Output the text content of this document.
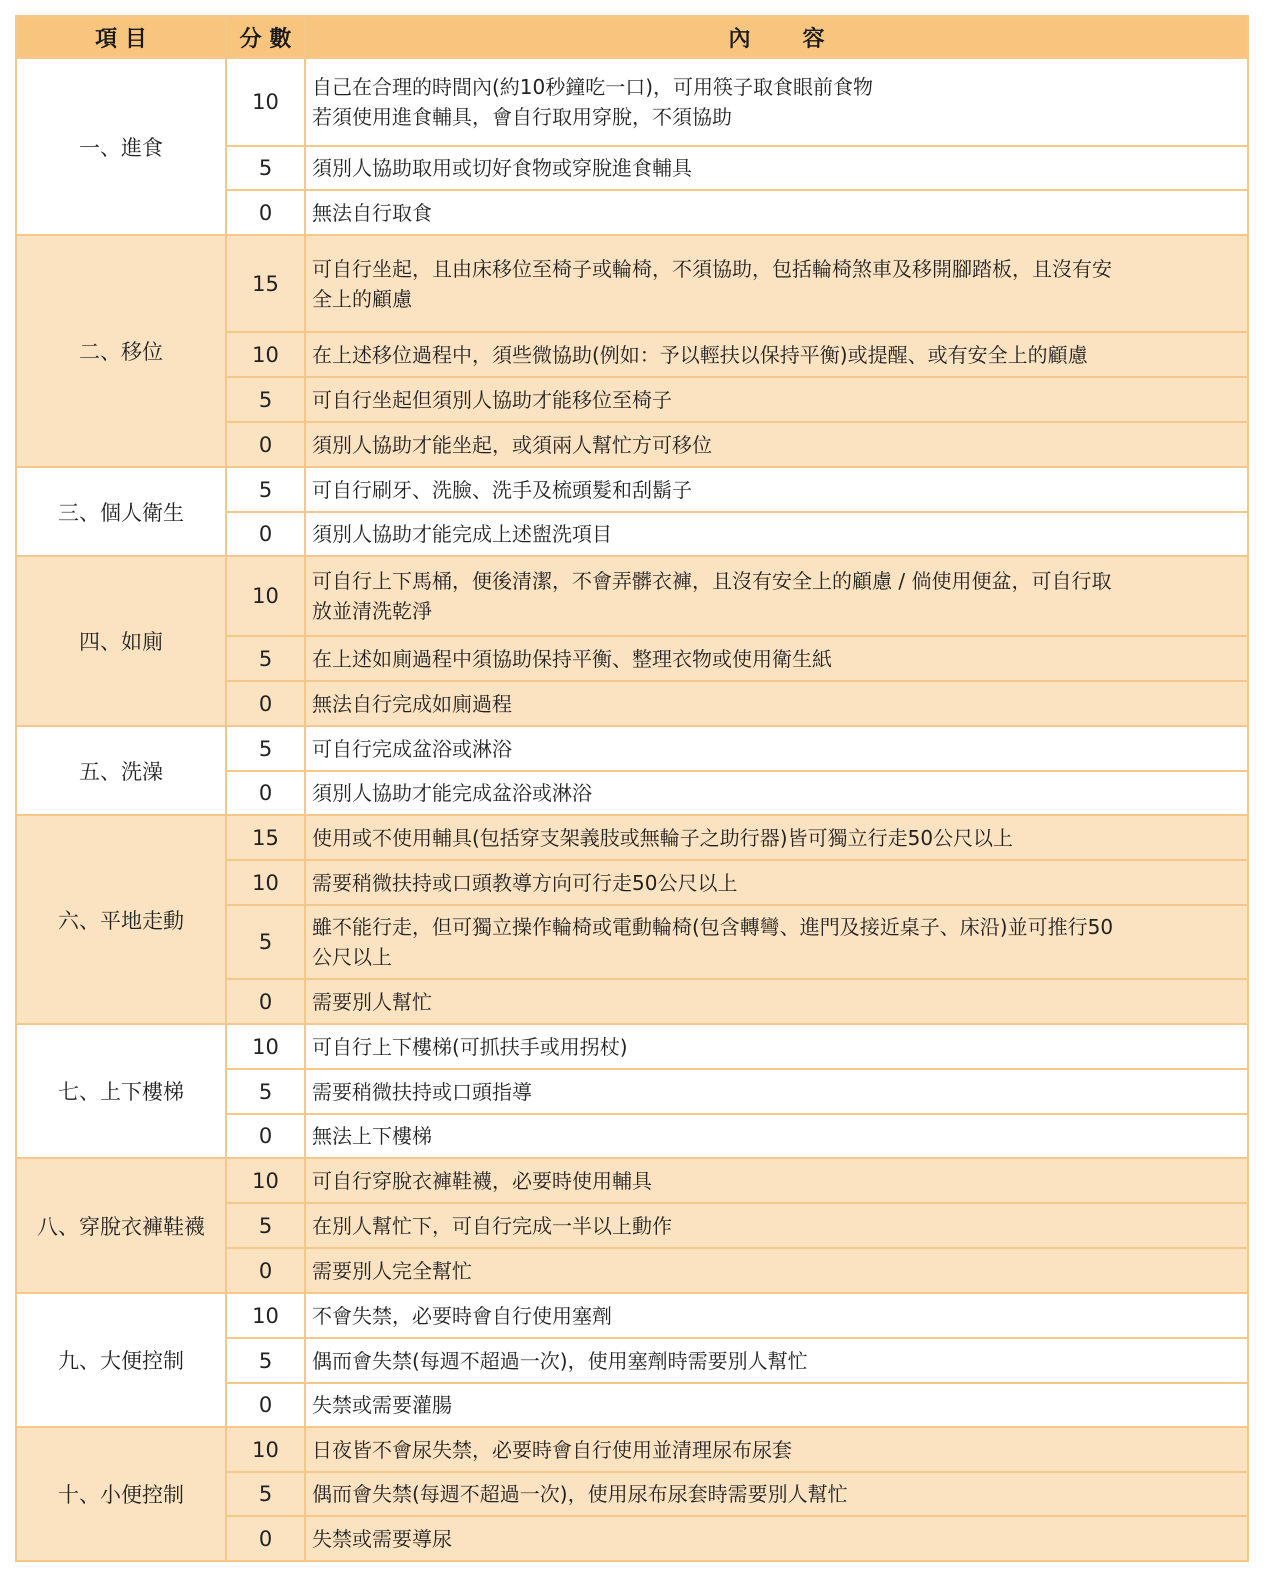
項 目	分 數	內 容
一、進食	10	自己在合理的時間內(約10秒鐘吃一口)，可用筷子取食眼前食物
若須使用進食輔具，會自行取用穿脫，不須協助

	5	須別人協助取用或切好食物或穿脫進食輔具

	0	無法自行取食

二、移位	15	可自行坐起，且由床移位至椅子或輪椅，不須協助，包括輪椅煞車及移開腳踏板，且沒有安
全上的顧慮

	10	在上述移位過程中，須些微協助(例如：予以輕扶以保持平衡)或提醒、或有安全上的顧慮

	5	可自行坐起但須別人協助才能移位至椅子

	0	須別人協助才能坐起，或須兩人幫忙方可移位

三、個人衛生	5	可自行刷牙、洗臉、洗手及梳頭髮和刮鬍子

	0	須別人協助才能完成上述盥洗項目

四、如廁	10	可自行上下馬桶，便後清潔，不會弄髒衣褲，且沒有安全上的顧慮 / 倘使用便盆，可自行取
放並清洗乾淨

	5	在上述如廁過程中須協助保持平衡、整理衣物或使用衛生紙

	0	無法自行完成如廁過程

五、洗澡	5	可自行完成盆浴或淋浴

	0	須別人協助才能完成盆浴或淋浴

六、平地走動	15	使用或不使用輔具(包括穿支架義肢或無輪子之助行器)皆可獨立行走50公尺以上

	10	需要稍微扶持或口頭教導方向可行走50公尺以上

	5	雖不能行走，但可獨立操作輪椅或電動輪椅(包含轉彎、進門及接近桌子、床沿)並可推行50
公尺以上

	0	需要別人幫忙

七、上下樓梯	10	可自行上下樓梯(可抓扶手或用拐杖)

	5	需要稍微扶持或口頭指導

	0	無法上下樓梯

八、穿脫衣褲鞋襪	10	可自行穿脫衣褲鞋襪，必要時使用輔具

	5	在別人幫忙下，可自行完成一半以上動作

	0	需要別人完全幫忙

九、大便控制	10	不會失禁，必要時會自行使用塞劑

	5	偶而會失禁(每週不超過一次)，使用塞劑時需要別人幫忙

	0	失禁或需要灌腸

十、小便控制	10	日夜皆不會尿失禁，必要時會自行使用並清理尿布尿套

	5	偶而會失禁(每週不超過一次)，使用尿布尿套時需要別人幫忙

	0	失禁或需要導尿
